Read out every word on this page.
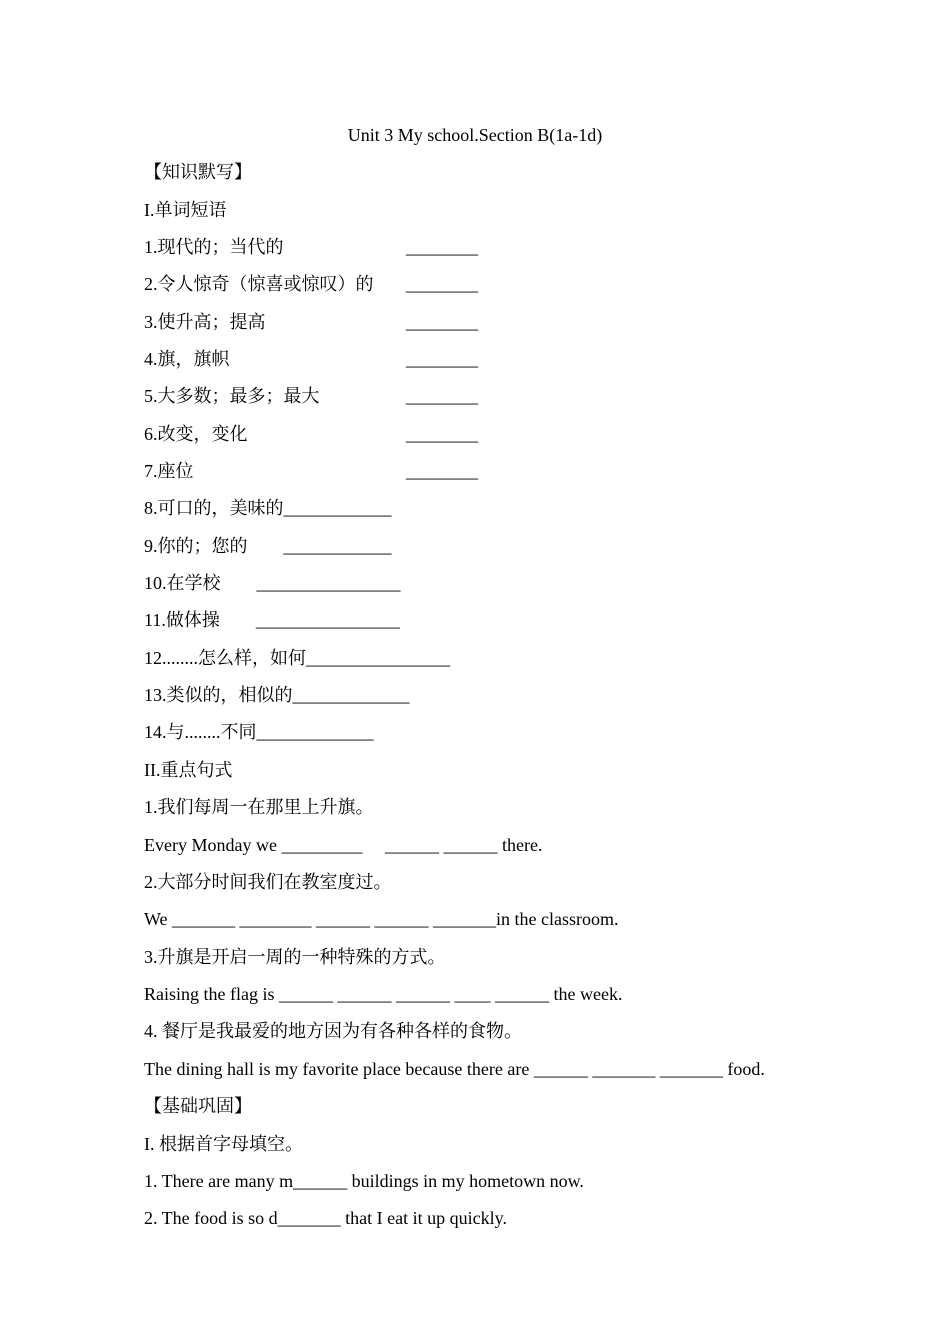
Unit 3 My school.Section B(1a-1d)
【知识默写】
I.单词短语
1.现代的；当代的	________
2.令人惊奇（惊喜或惊叹）的 ________
3.使升高；提高	________
4.旗，旗帜	________
5.大多数；最多；最大	________
6.改变，变化	________
7.座位	________
8.可口的，美味的____________
9.你的；您的　　____________
10.在学校　　________________
11.做体操　　________________
12........怎么样，如何________________
13.类似的，相似的_____________
14.与........不同_____________
II.重点句式
1.我们每周一在那里上升旗。
Every Monday we _________　 ______ ______ there.
2.大部分时间我们在教室度过。
We _______ ________ ______ ______ _______in the classroom.
3.升旗是开启一周的一种特殊的方式。
Raising the flag is ______ ______ ______ ____ ______ the week.
4. 餐厅是我最爱的地方因为有各种各样的食物。
The dining hall is my favorite place because there are ______ _______ _______ food.
【基础巩固】
I. 根据首字母填空。
1. There are many m______ buildings in my hometown now.
2. The food is so d_______ that I eat it up quickly.
